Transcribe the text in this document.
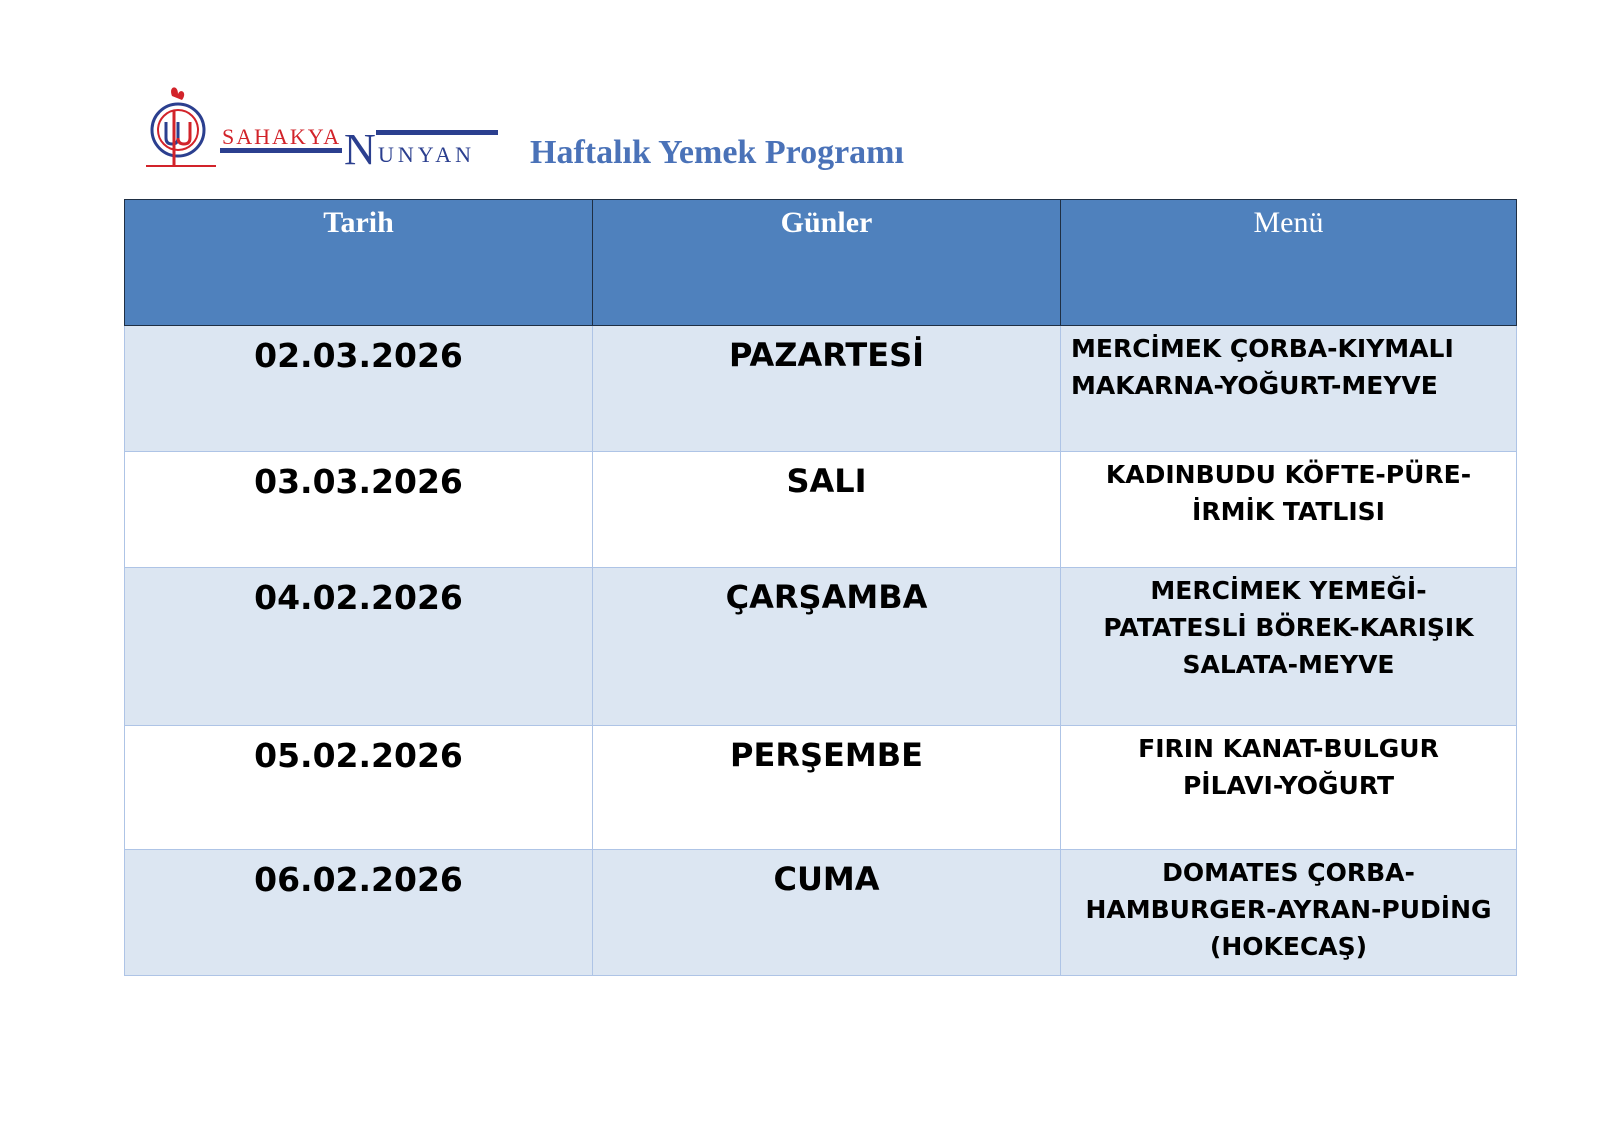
SAHAKYA N UNYAN Haftalık Yemek Programı
Tarih	Günler	Menü
02.03.2026	PAZARTESİ	MERCİMEK ÇORBA-KIYMALI
MAKARNA-YOĞURT-MEYVE

03.03.2026	SALI	KADINBUDU KÖFTE-PÜRE-
İRMİK TATLISI

04.02.2026	ÇARŞAMBA	MERCİMEK YEMEĞİ-
PATATESLİ BÖREK-KARIŞIK
SALATA-MEYVE

05.02.2026	PERŞEMBE	FIRIN KANAT-BULGUR
PİLAVI-YOĞURT

06.02.2026	CUMA	DOMATES ÇORBA-
HAMBURGER-AYRAN-PUDİNG
(HOKECAŞ)
